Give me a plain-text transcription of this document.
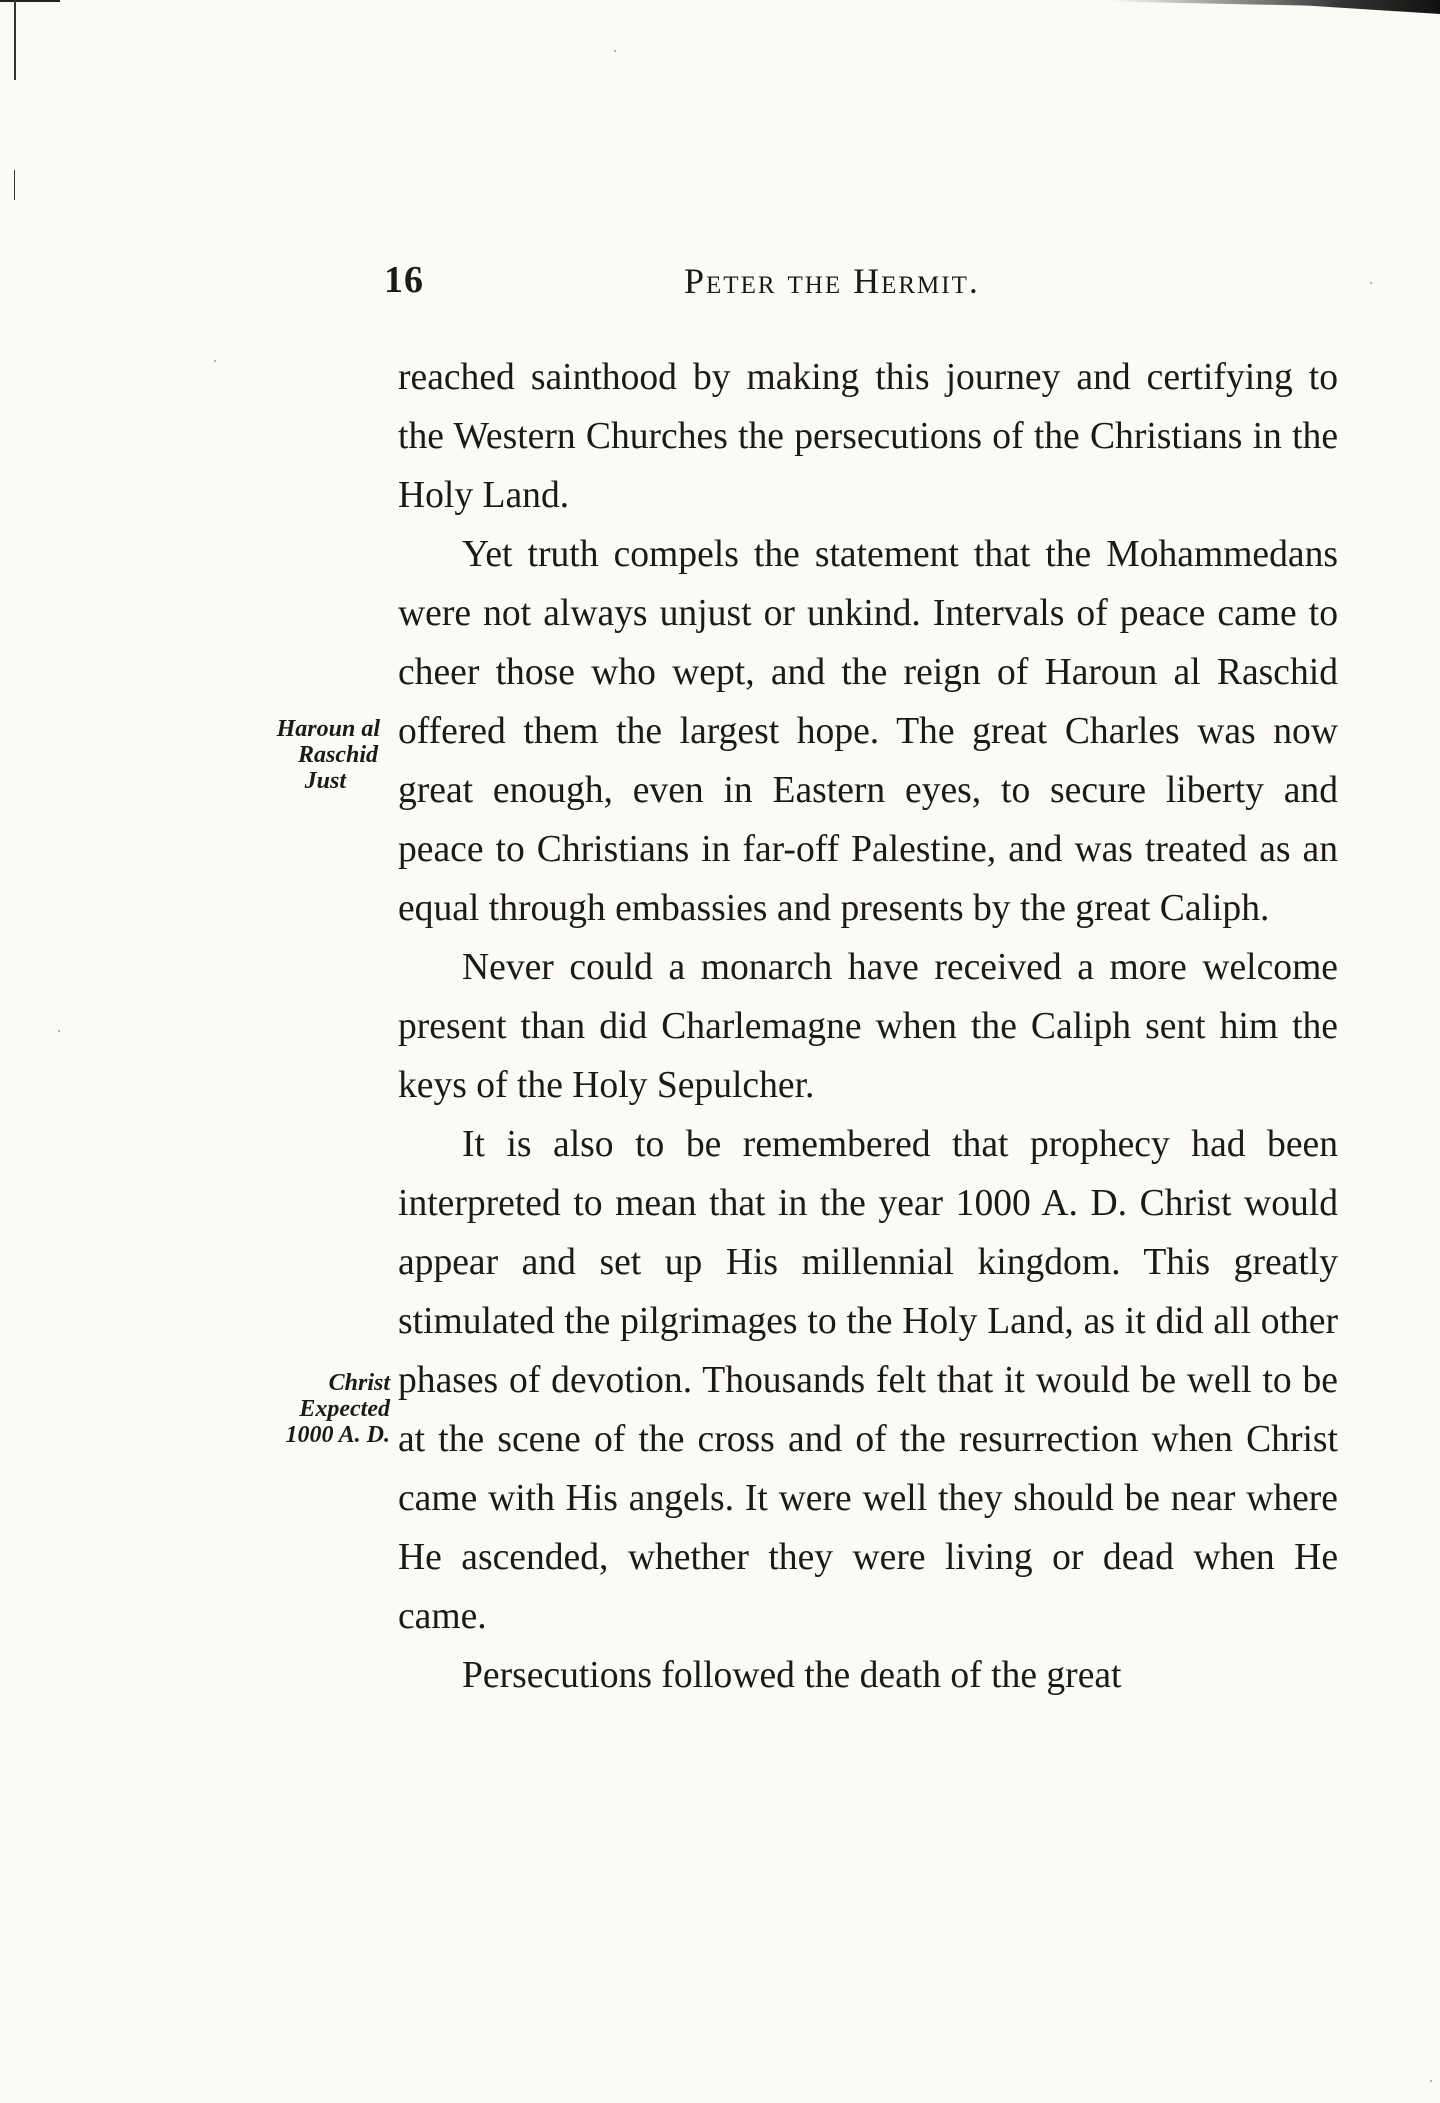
16	Peter the Hermit.
Haroun al
Raschid
Just
Christ
Expected
1000 A. D.

reached sainthood by making this journey and certifying to the Western Churches the persecutions of the Christians in the Holy Land.

Yet truth compels the statement that the Mohammedans were not always unjust or unkind. Intervals of peace came to cheer those who wept, and the reign of Haroun al Raschid offered them the largest hope. The great Charles was now great enough, even in Eastern eyes, to secure liberty and peace to Christians in far-off Palestine, and was treated as an equal through embassies and presents by the great Caliph.

Never could a monarch have received a more welcome present than did Charlemagne when the Caliph sent him the keys of the Holy Sepulcher.

It is also to be remembered that prophecy had been interpreted to mean that in the year 1000 A. D. Christ would appear and set up His millennial kingdom. This greatly stimulated the pilgrimages to the Holy Land, as it did all other phases of devotion. Thousands felt that it would be well to be at the scene of the cross and of the resurrection when Christ came with His angels. It were well they should be near where He ascended, whether they were living or dead when He came.

Persecutions followed the death of the great
